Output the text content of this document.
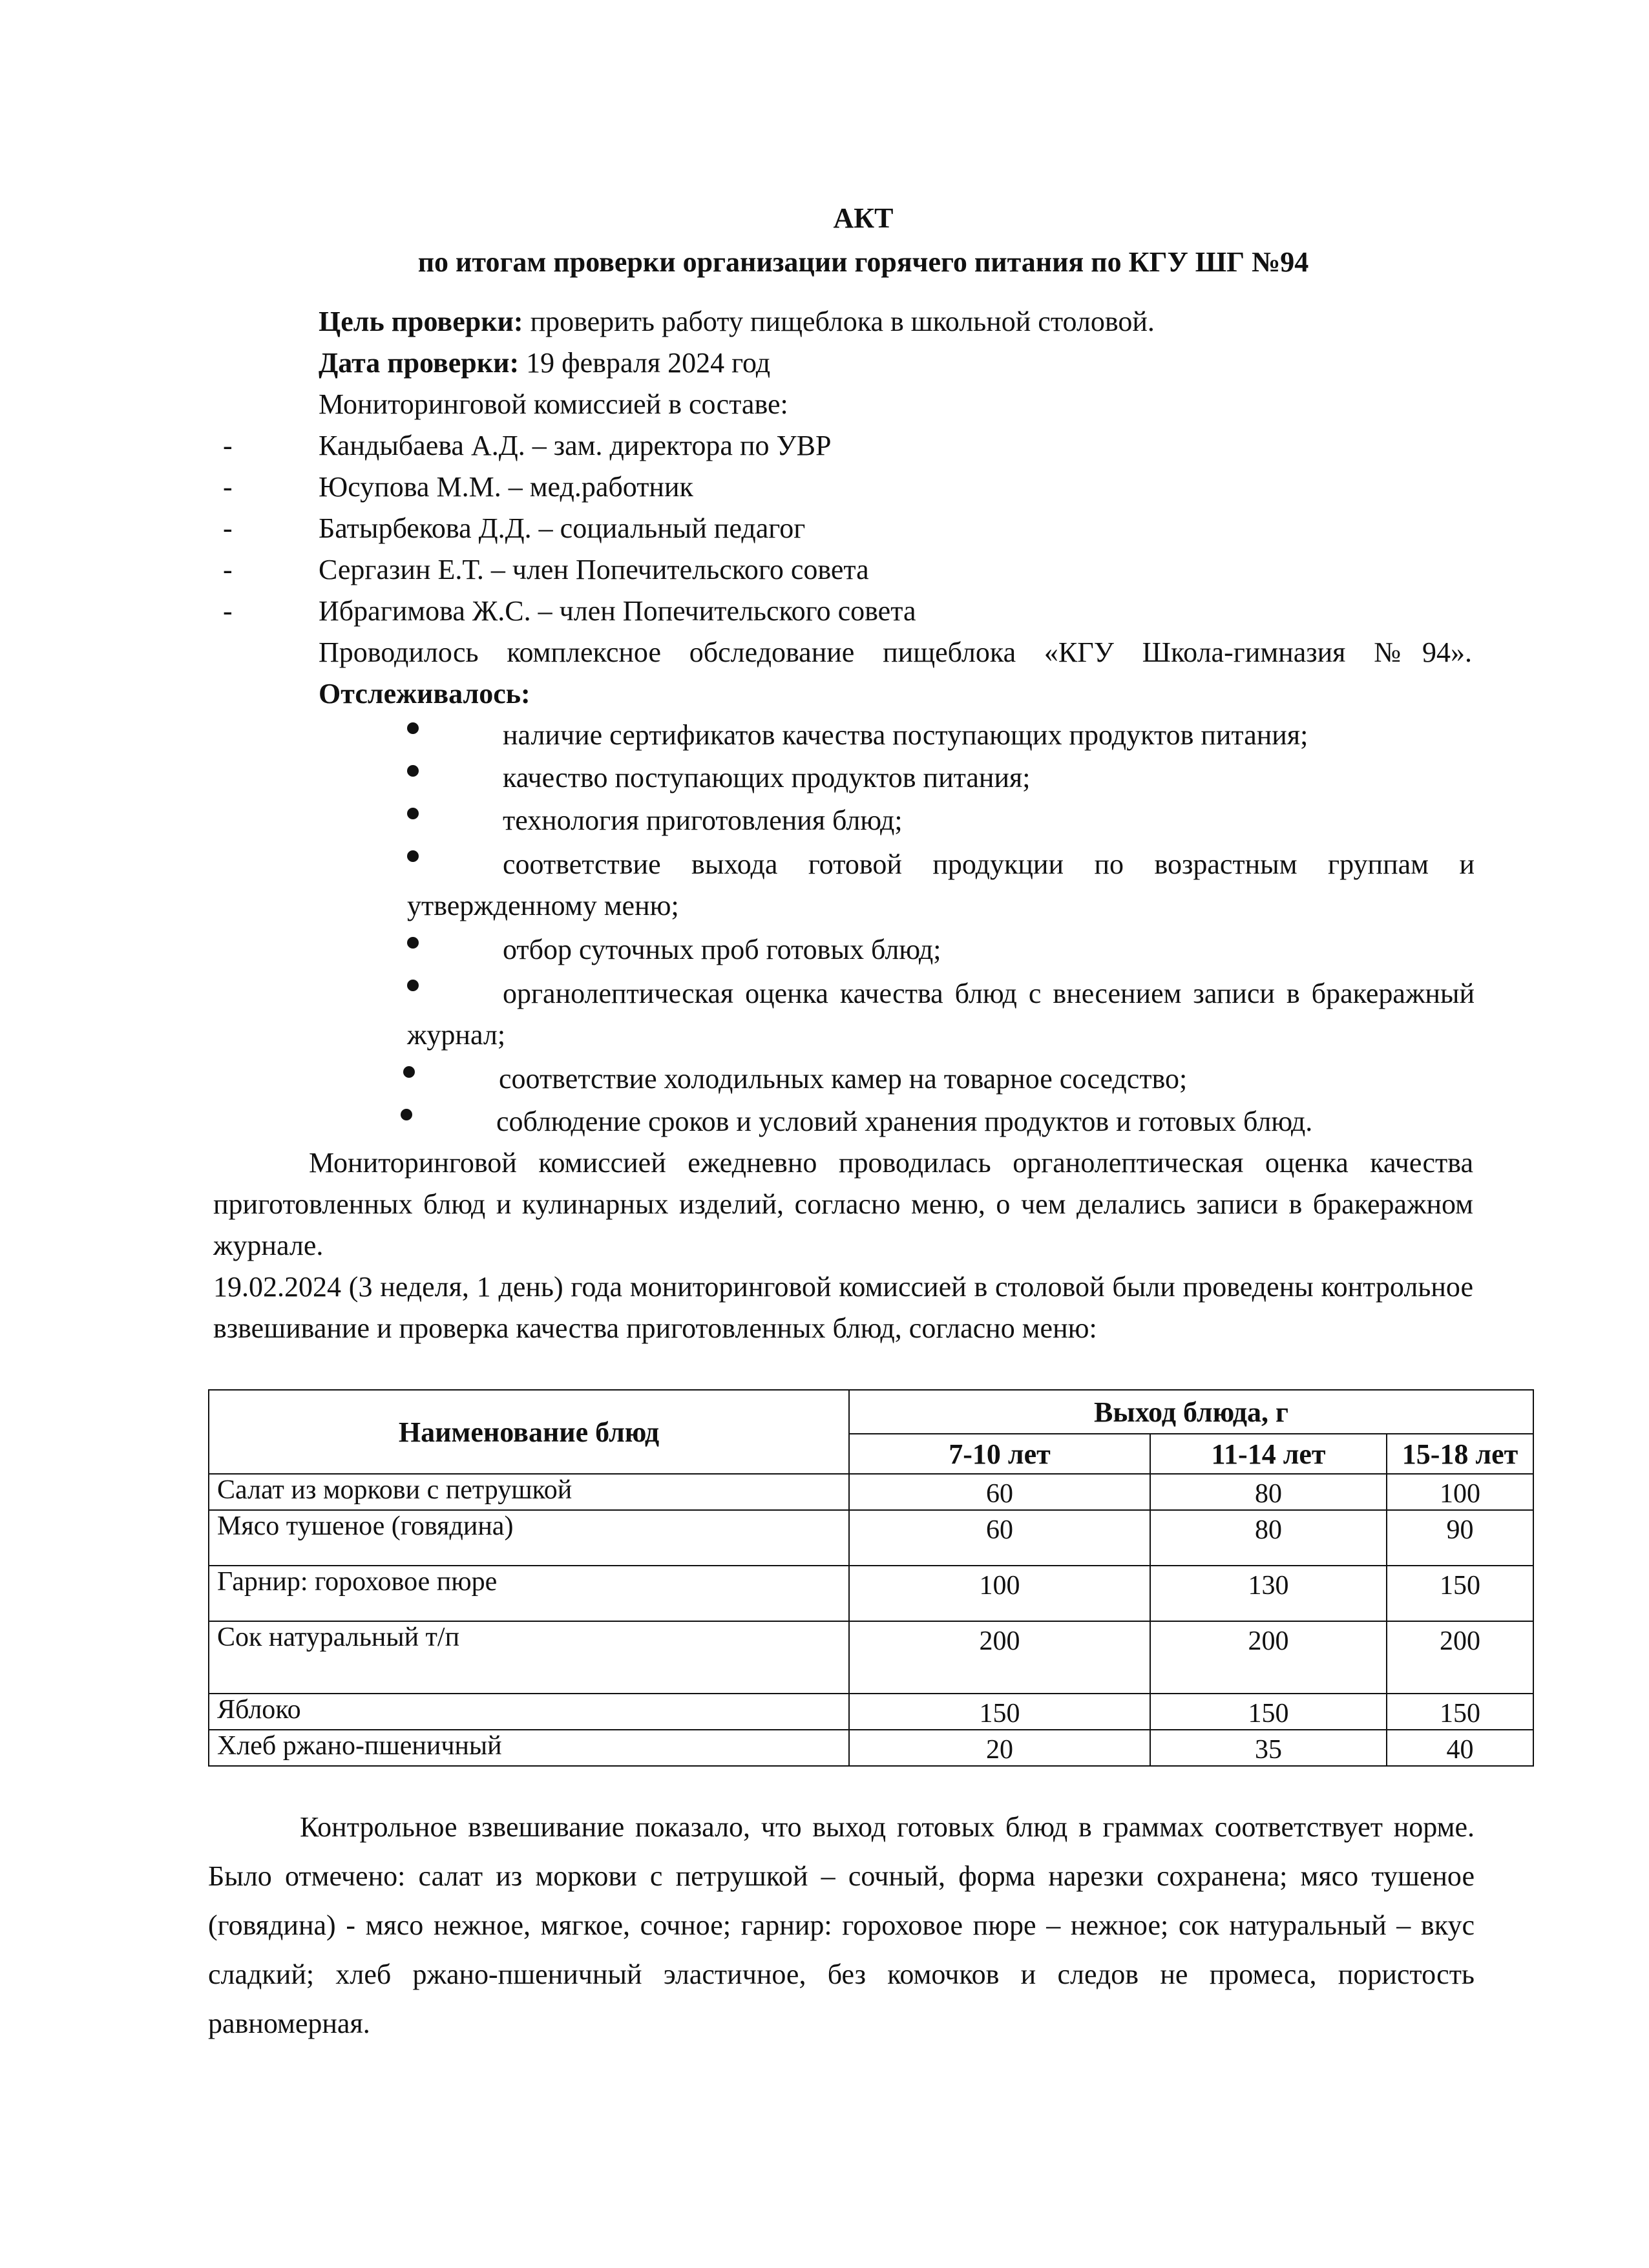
АКТ
по итогам проверки организации горячего питания по КГУ ШГ №94
Цель проверки: проверить работу пищеблока в школьной столовой.
Дата проверки: 19 февраля 2024 год
Мониторинговой комиссией в составе:
-	Кандыбаева А.Д. – зам. директора по УВР
-	Юсупова М.М. – мед.работник
-	Батырбекова Д.Д. – социальный педагог
-	Сергазин Е.Т. – член Попечительского совета
-	Ибрагимова Ж.С. – член Попечительского совета
Проводилось комплексное обследование пищеблока «КГУ Школа-гимназия №94».
Отслеживалось:
наличие сертификатов качества поступающих продуктов питания;
качество поступающих продуктов питания;
технология приготовления блюд;
соответствие выхода готовой продукции по возрастным группам и утвержденному меню;
отбор суточных проб готовых блюд;
органолептическая оценка качества блюд с внесением записи в бракеражный журнал;
соответствие холодильных камер на товарное соседство;
соблюдение сроков и условий хранения продуктов и готовых блюд.
Мониторинговой комиссией ежедневно проводилась органолептическая оценка качества приготовленных блюд и кулинарных изделий, согласно меню, о чем делались записи в бракеражном журнале.
19.02.2024 (3 неделя, 1 день) года мониторинговой комиссией в столовой были проведены контрольное взвешивание и проверка качества приготовленных блюд, согласно меню:
Наименование блюд	Выход блюда, г		
	7-10 лет	11-14 лет	15-18 лет
Салат из моркови с петрушкой	60	80	100
Мясо тушеное (говядина)	60	80	90
Гарнир: гороховое пюре	100	130	150
Сок натуральный т/п	200	200	200
Яблоко	150	150	150
Хлеб ржано-пшеничный	20	35	40
Контрольное взвешивание показало, что выход готовых блюд в граммах соответствует норме. Было отмечено: салат из моркови с петрушкой – сочный, форма нарезки сохранена; мясо тушеное (говядина) - мясо нежное, мягкое, сочное; гарнир: гороховое пюре – нежное; сок натуральный – вкус сладкий; хлеб ржано-пшеничный эластичное, без комочков и следов не промеса, пористость равномерная.
